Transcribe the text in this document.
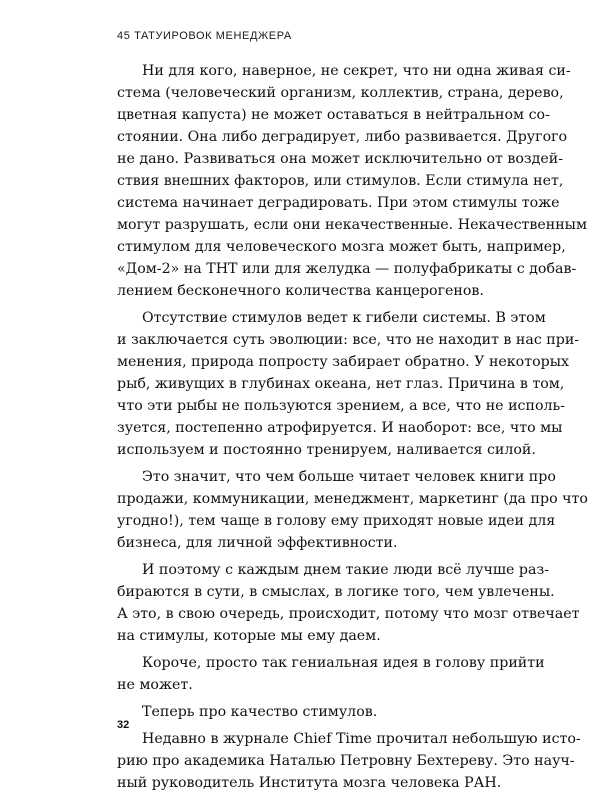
45 ТАТУИРОВОК МЕНЕДЖЕРА

Ни для кого, наверное, не секрет, что ни одна живая си-
стема (человеческий организм, коллектив, страна, дерево,
цветная капуста) не может оставаться в нейтральном со-
стоянии. Она либо деградирует, либо развивается. Другого
не дано. Развиваться она может исключительно от воздей-
ствия внешних факторов, или стимулов. Если стимула нет,
система начинает деградировать. При этом стимулы тоже
могут разрушать, если они некачественные. Некачественным
стимулом для человеческого мозга может быть, например,
«Дом-2» на ТНТ или для желудка — полуфабрикаты с добав-
лением бесконечного количества канцерогенов.

Отсутствие стимулов ведет к гибели системы. В этом
и заключается суть эволюции: все, что не находит в нас при-
менения, природа попросту забирает обратно. У некоторых
рыб, живущих в глубинах океана, нет глаз. Причина в том,
что эти рыбы не пользуются зрением, а все, что не исполь-
зуется, постепенно атрофируется. И наоборот: все, что мы
используем и постоянно тренируем, наливается силой.

Это значит, что чем больше читает человек книги про
продажи, коммуникации, менеджмент, маркетинг (да про что
угодно!), тем чаще в голову ему приходят новые идеи для
бизнеса, для личной эффективности.

И поэтому с каждым днем такие люди всё лучше раз-
бираются в сути, в смыслах, в логике того, чем увлечены.
А это, в свою очередь, происходит, потому что мозг отвечает
на стимулы, которые мы ему даем.

Короче, просто так гениальная идея в голову прийти
не может.

Теперь про качество стимулов.

Недавно в журнале Chief Time прочитал небольшую исто-
рию про академика Наталью Петровну Бехтереву. Это науч-
ный руководитель Института мозга человека РАН.

32
